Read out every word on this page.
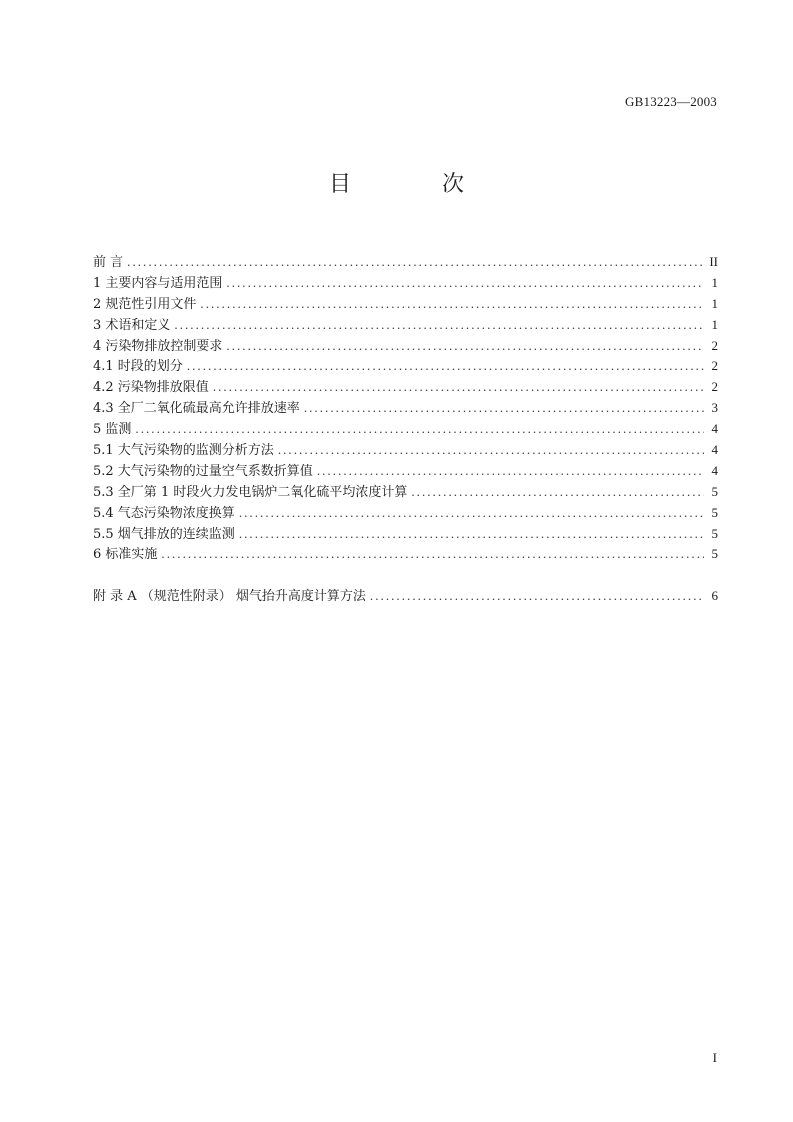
GB13223—2003
目 次
前 言 . . .	II
1 主要内容与适用范围 . . .	1
2 规范性引用文件 . . .	1
3 术语和定义 . . .	1
4 污染物排放控制要求 . . .	2
4.1 时段的划分 . . .	2
4.2 污染物排放限值 . . .	2
4.3 全厂二氧化硫最高允许排放速率 . . .	3
5 监测 . . .	4
5.1 大气污染物的监测分析方法 . . .	4
5.2 大气污染物的过量空气系数折算值 . . .	4
5.3 全厂第 1 时段火力发电锅炉二氧化硫平均浓度计算 . . .	5
5.4 气态污染物浓度换算 . . .	5
5.5 烟气排放的连续监测 . . .	5
6 标准实施 . . .	5
附 录 A （规范性附录） 烟气抬升高度计算方法 . . .	6
I
